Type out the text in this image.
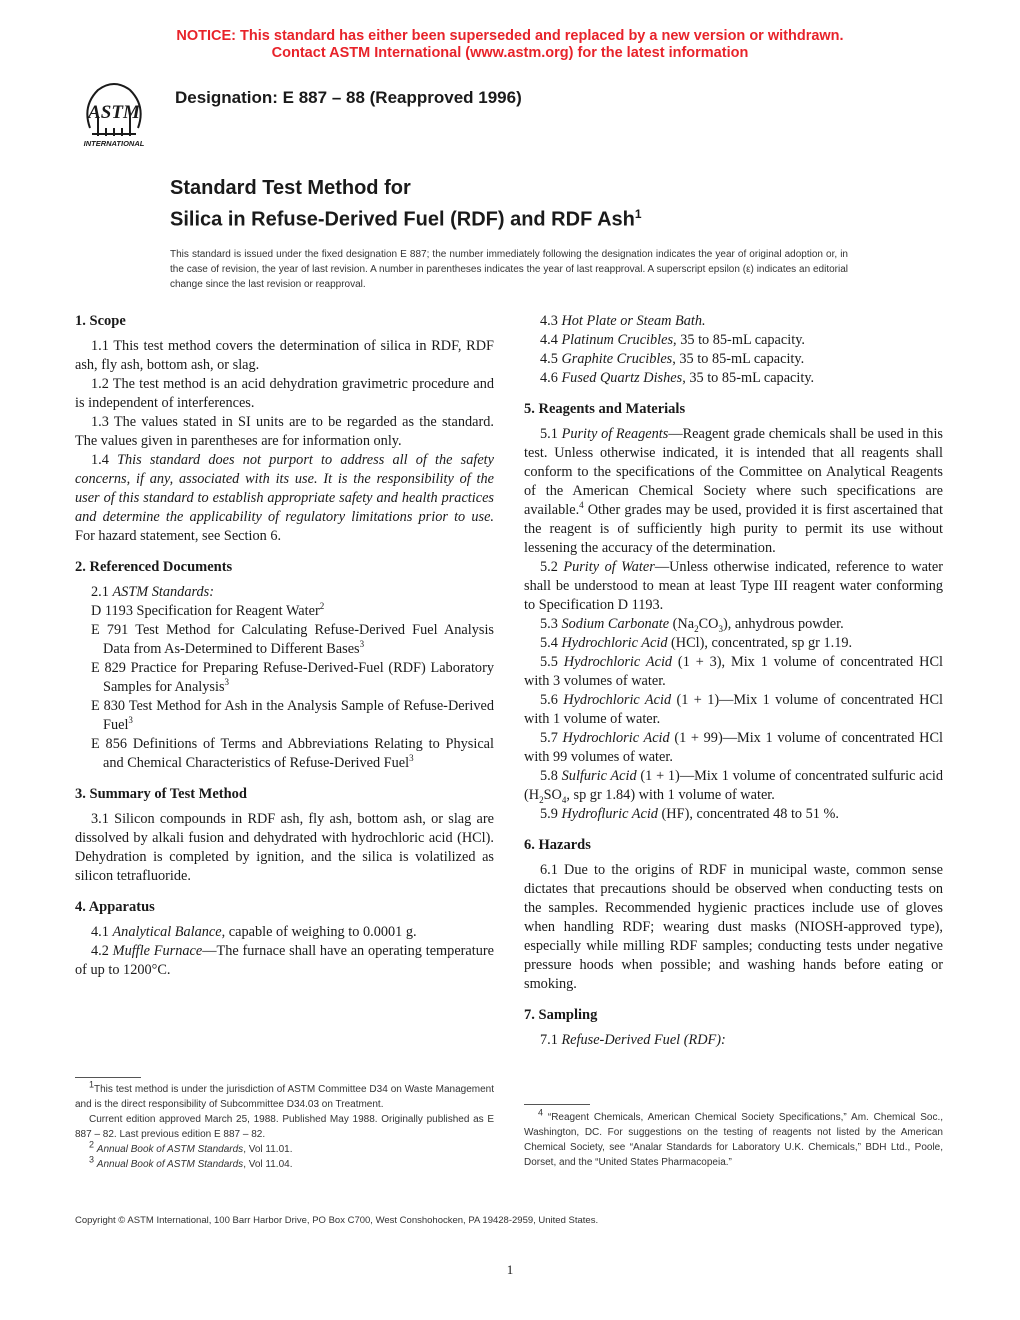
NOTICE: This standard has either been superseded and replaced by a new version or withdrawn.
Contact ASTM International (www.astm.org) for the latest information
ASTM
INTERNATIONAL
Designation: E 887 – 88 (Reapproved 1996)
Standard Test Method for
Silica in Refuse-Derived Fuel (RDF) and RDF Ash$^1$
This standard is issued under the fixed designation E 887; the number immediately following the designation indicates the year of original adoption or, in the case of revision, the year of last revision. A number in parentheses indicates the year of last reapproval. A superscript epsilon (ε) indicates an editorial change since the last revision or reapproval.
1. Scope

1.1 This test method covers the determination of silica in RDF, RDF ash, fly ash, bottom ash, or slag.

1.2 The test method is an acid dehydration gravimetric procedure and is independent of interferences.

1.3 The values stated in SI units are to be regarded as the standard. The values given in parentheses are for information only.

1.4 This standard does not purport to address all of the safety concerns, if any, associated with its use. It is the responsibility of the user of this standard to establish appropriate safety and health practices and determine the applicability of regulatory limitations prior to use. For hazard statement, see Section 6.

2. Referenced Documents

2.1 ASTM Standards:

D 1193 Specification for Reagent Water$^2$

E 791 Test Method for Calculating Refuse-Derived Fuel Analysis Data from As-Determined to Different Bases$^3$

E 829 Practice for Preparing Refuse-Derived-Fuel (RDF) Laboratory Samples for Analysis$^3$

E 830 Test Method for Ash in the Analysis Sample of Refuse-Derived Fuel$^3$

E 856 Definitions of Terms and Abbreviations Relating to Physical and Chemical Characteristics of Refuse-Derived Fuel$^3$

3. Summary of Test Method

3.1 Silicon compounds in RDF ash, fly ash, bottom ash, or slag are dissolved by alkali fusion and dehydrated with hydrochloric acid (HCl). Dehydration is completed by ignition, and the silica is volatilized as silicon tetrafluoride.

4. Apparatus

4.1 Analytical Balance, capable of weighing to 0.0001 g.

4.2 Muffle Furnace—The furnace shall have an operating temperature of up to 1200°C.

$^1$This test method is under the jurisdiction of ASTM Committee D34 on Waste Management and is the direct responsibility of Subcommittee D34.03 on Treatment.

Current edition approved March 25, 1988. Published May 1988. Originally published as E 887 – 82. Last previous edition E 887 – 82.

$^2$ Annual Book of ASTM Standards, Vol 11.01.

$^3$ Annual Book of ASTM Standards, Vol 11.04.

4.3 Hot Plate or Steam Bath.

4.4 Platinum Crucibles, 35 to 85-mL capacity.

4.5 Graphite Crucibles, 35 to 85-mL capacity.

4.6 Fused Quartz Dishes, 35 to 85-mL capacity.

5. Reagents and Materials

5.1 Purity of Reagents—Reagent grade chemicals shall be used in this test. Unless otherwise indicated, it is intended that all reagents shall conform to the specifications of the Committee on Analytical Reagents of the American Chemical Society where such specifications are available.$^4$ Other grades may be used, provided it is first ascertained that the reagent is of sufficiently high purity to permit its use without lessening the accuracy of the determination.

5.2 Purity of Water—Unless otherwise indicated, reference to water shall be understood to mean at least Type III reagent water conforming to Specification D 1193.

5.3 Sodium Carbonate $(Na_2CO_3)$, anhydrous powder.

5.4 Hydrochloric Acid (HCl), concentrated, sp gr 1.19.

5.5 Hydrochloric Acid (1 + 3), Mix 1 volume of concentrated HCl with 3 volumes of water.

5.6 Hydrochloric Acid (1 + 1)—Mix 1 volume of concentrated HCl with 1 volume of water.

5.7 Hydrochloric Acid (1 + 99)—Mix 1 volume of concentrated HCl with 99 volumes of water.

5.8 Sulfuric Acid (1 + 1)—Mix 1 volume of concentrated sulfuric acid ($H_2SO_4$, sp gr 1.84) with 1 volume of water.

5.9 Hydrofluric Acid (HF), concentrated 48 to 51 %.

6. Hazards

6.1 Due to the origins of RDF in municipal waste, common sense dictates that precautions should be observed when conducting tests on the samples. Recommended hygienic practices include use of gloves when handling RDF; wearing dust masks (NIOSH-approved type), especially while milling RDF samples; conducting tests under negative pressure hoods when possible; and washing hands before eating or smoking.

7. Sampling

7.1 Refuse-Derived Fuel (RDF):

$^4$ “Reagent Chemicals, American Chemical Society Specifications,” Am. Chemical Soc., Washington, DC. For suggestions on the testing of reagents not listed by the American Chemical Society, see “Analar Standards for Laboratory U.K. Chemicals,” BDH Ltd., Poole, Dorset, and the “United States Pharmacopeia.”

Copyright © ASTM International, 100 Barr Harbor Drive, PO Box C700, West Conshohocken, PA 19428-2959, United States.
1
